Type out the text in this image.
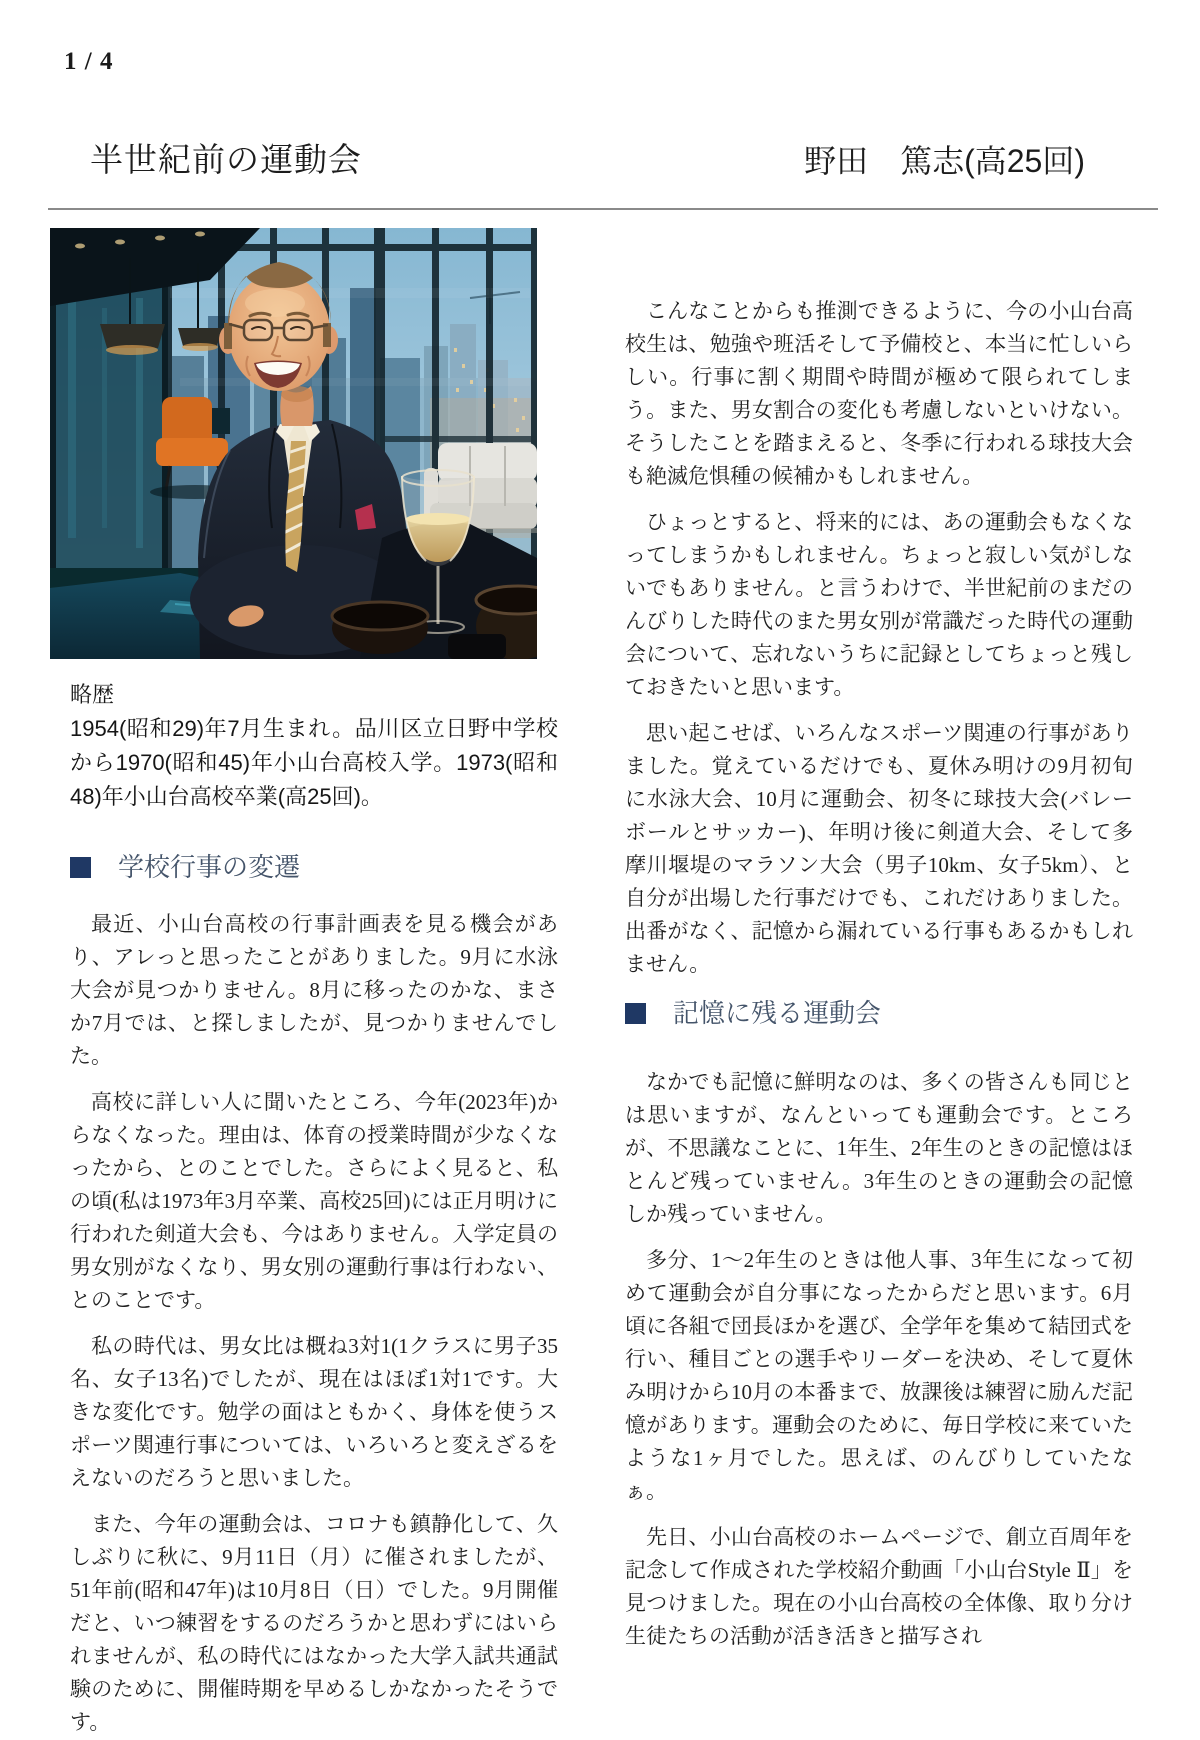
1 / 4
半世紀前の運動会	野田　篤志(高25回)
略歴
1954(昭和29)年7月生まれ。品川区立日野中学校から1970(昭和45)年小山台高校入学。1973(昭和48)年小山台高校卒業(高25回)。
学校行事の変遷

最近、小山台高校の行事計画表を見る機会があり、アレっと思ったことがありました。9月に水泳大会が見つかりません。8月に移ったのかな、まさか7月では、と探しましたが、見つかりませんでした。

高校に詳しい人に聞いたところ、今年(2023年)からなくなった。理由は、体育の授業時間が少なくなったから、とのことでした。さらによく見ると、私の頃(私は1973年3月卒業、高校25回)には正月明けに行われた剣道大会も、今はありません。入学定員の男女別がなくなり、男女別の運動行事は行わない、とのことです。

私の時代は、男女比は概ね3対1(1クラスに男子35名、女子13名)でしたが、現在はほぼ1対1です。大きな変化です。勉学の面はともかく、身体を使うスポーツ関連行事については、いろいろと変えざるをえないのだろうと思いました。

また、今年の運動会は、コロナも鎮静化して、久しぶりに秋に、9月11日（月）に催されましたが、51年前(昭和47年)は10月8日（日）でした。9月開催だと、いつ練習をするのだろうかと思わずにはいられませんが、私の時代にはなかった大学入試共通試験のために、開催時期を早めるしかなかったそうです。

こんなことからも推測できるように、今の小山台高校生は、勉強や班活そして予備校と、本当に忙しいらしい。行事に割く期間や時間が極めて限られてしまう。また、男女割合の変化も考慮しないといけない。そうしたことを踏まえると、冬季に行われる球技大会も絶滅危惧種の候補かもしれません。

ひょっとすると、将来的には、あの運動会もなくなってしまうかもしれません。ちょっと寂しい気がしないでもありません。と言うわけで、半世紀前のまだのんびりした時代のまた男女別が常識だった時代の運動会について、忘れないうちに記録としてちょっと残しておきたいと思います。

思い起こせば、いろんなスポーツ関連の行事がありました。覚えているだけでも、夏休み明けの9月初旬に水泳大会、10月に運動会、初冬に球技大会(バレーボールとサッカー)、年明け後に剣道大会、そして多摩川堰堤のマラソン大会（男子10km、女子5km）、と自分が出場した行事だけでも、これだけありました。出番がなく、記憶から漏れている行事もあるかもしれません。

記憶に残る運動会

なかでも記憶に鮮明なのは、多くの皆さんも同じとは思いますが、なんといっても運動会です。ところが、不思議なことに、1年生、2年生のときの記憶はほとんど残っていません。3年生のときの運動会の記憶しか残っていません。

多分、1〜2年生のときは他人事、3年生になって初めて運動会が自分事になったからだと思います。6月頃に各組で団長ほかを選び、全学年を集めて結団式を行い、種目ごとの選手やリーダーを決め、そして夏休み明けから10月の本番まで、放課後は練習に励んだ記憶があります。運動会のために、毎日学校に来ていたような1ヶ月でした。思えば、のんびりしていたなぁ。

先日、小山台高校のホームページで、創立百周年を記念して作成された学校紹介動画「小山台Style Ⅱ」を見つけました。現在の小山台高校の全体像、取り分け生徒たちの活動が活き活きと描写され
